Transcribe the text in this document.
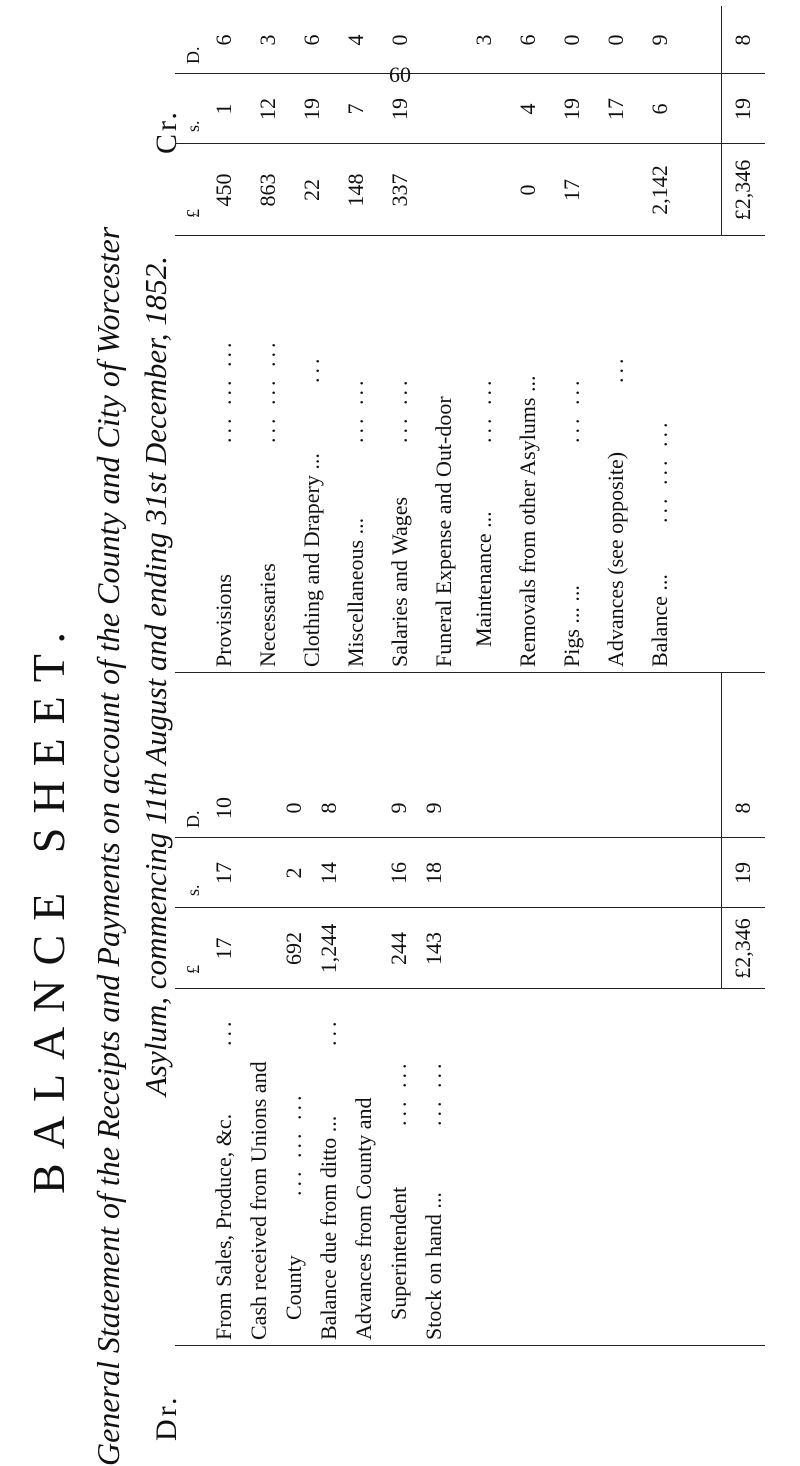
60
BALANCE SHEET. General Statement of the Receipts and Payments on account of the County and City of Worcester Asylum, commencing 11th August and ending 31st December, 1852.
Dr.
Cr.
£
s.
D.
£
s.
D.
From Sales, Produce, &c.
...
17
17
10
Cash received from Unions and County
... ... ...
692
2
0
Balance due from ditto ...
...
1,244
14
8
Advances from County and Superintendent
... ...
244
16
9
Stock on hand ...
... ...
143
18
9
£2,346
19
8
Provisions
... ... ...
450
1
6
Necessaries
... ... ...
863
12
3
Clothing and Drapery ...
...
22
19
6
Miscellaneous ...
... ...
148
7
4
Salaries and Wages
... ...
337
19
0
Funeral Expense and Out-door Maintenance ...
... ...
3
Removals from other Asylums ...
0
4
6
Pigs ... ...
... ...
17
19
0
Advances (see opposite)
...
17
0
Balance ...
... ... ...
2,142
6
9
£2,346
19
8
